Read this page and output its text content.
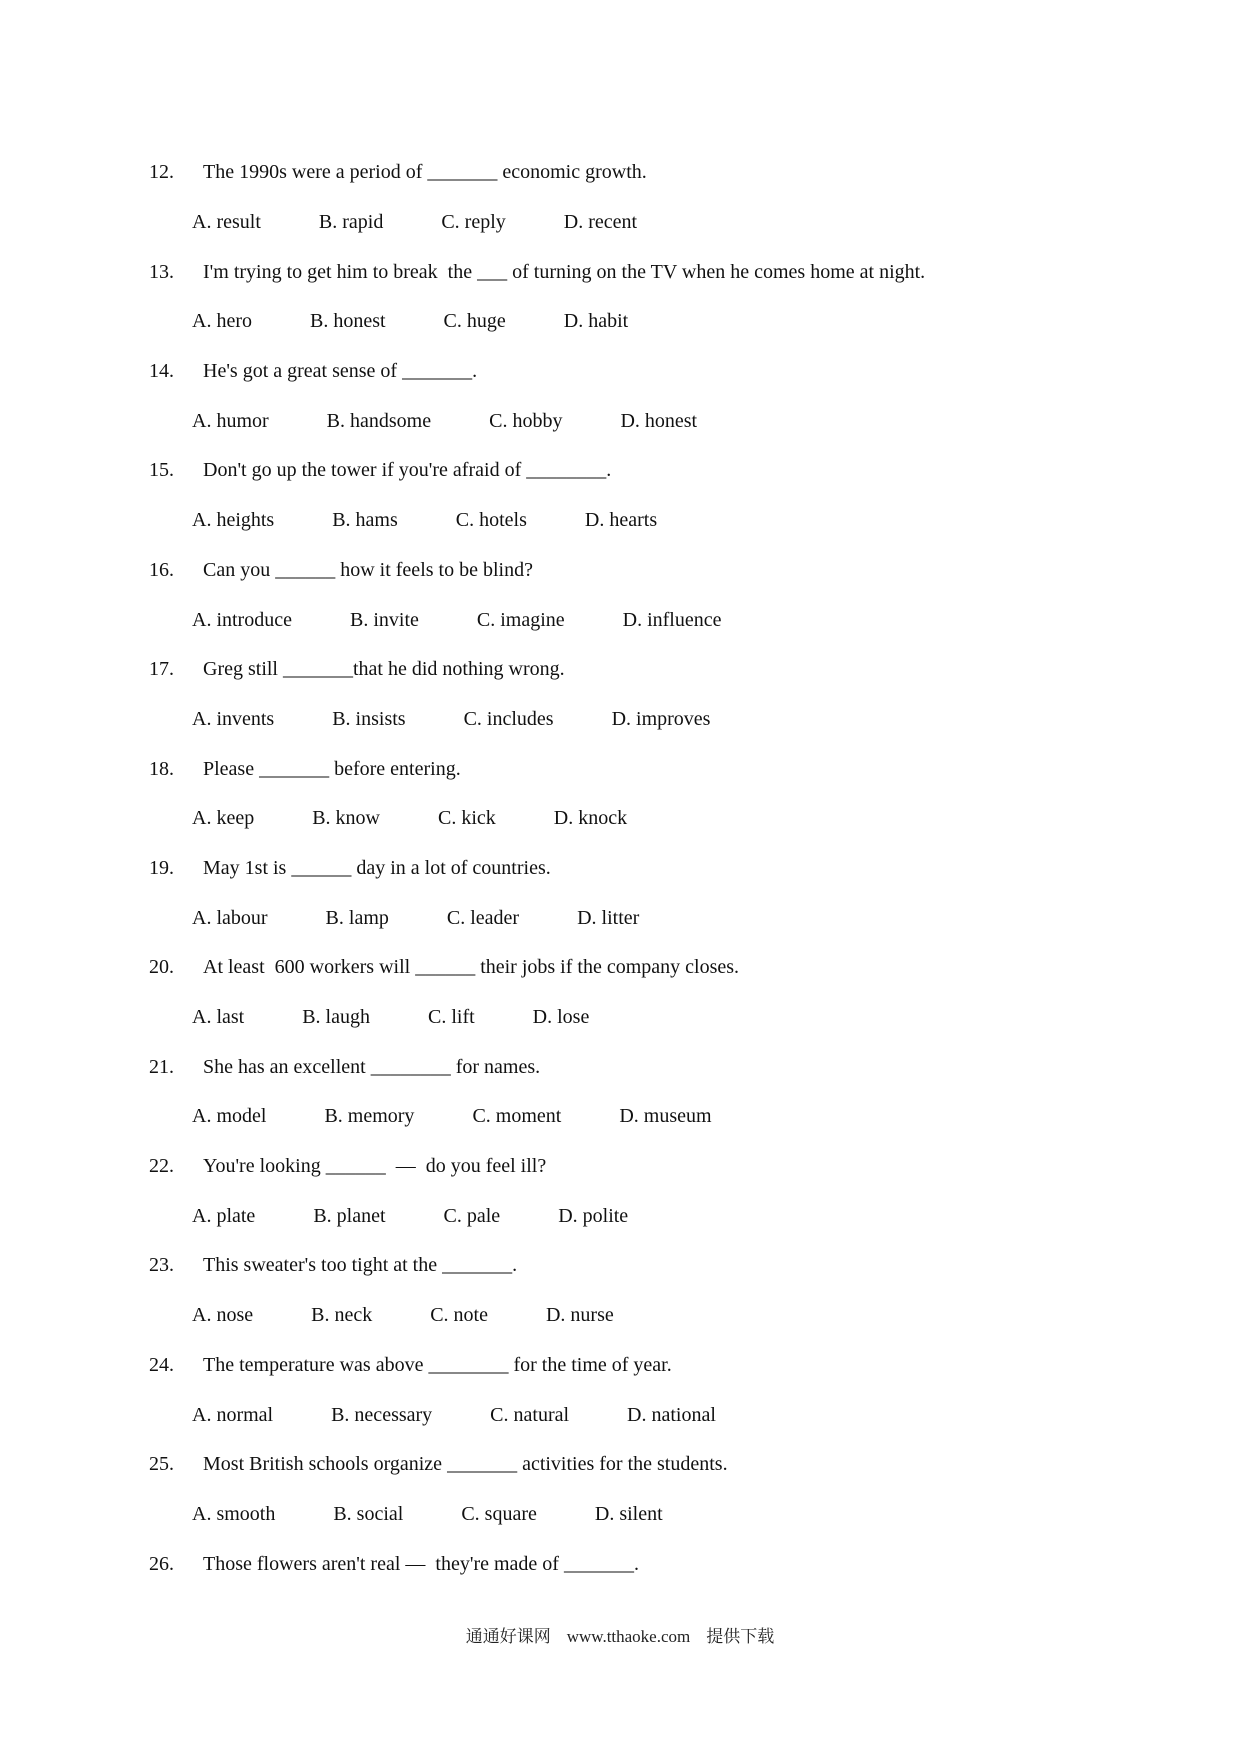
12.	The 1990s were a period of _______ economic growth.
A. result	B. rapid	C. reply	D. recent
13.	I'm trying to get him to break  the ___ of turning on the TV when he comes home at night.
A. hero	B. honest	C. huge	D. habit
14.	He's got a great sense of _______.
A. humor	B. handsome	C. hobby	D. honest
15.	Don't go up the tower if you're afraid of ________.
A. heights	B. hams	C. hotels	D. hearts
16.	Can you ______ how it feels to be blind?
A. introduce	B. invite	C. imagine	D. influence
17.	Greg still _______that he did nothing wrong.
A. invents	B. insists	C. includes	D. improves
18.	Please _______ before entering.
A. keep	B. know	C. kick	D. knock
19.	May 1st is ______ day in a lot of countries.
A. labour	B. lamp	C. leader	D. litter
20.	At least  600 workers will ______ their jobs if the company closes.
A. last	B. laugh	C. lift	D. lose
21.	She has an excellent ________ for names.
A. model	B. memory	C. moment	D. museum
22.	You're looking ______  —  do you feel ill?
A. plate	B. planet	C. pale	D. polite
23.	This sweater's too tight at the _______.
A. nose	B. neck	C. note	D. nurse
24.	The temperature was above ________ for the time of year.
A. normal	B. necessary	C. natural	D. national
25.	Most British schools organize _______ activities for the students.
A. smooth	B. social	C. square	D. silent
26.	Those flowers aren't real —  they're made of _______.
通通好课网 www.tthaoke.com 提供下载
